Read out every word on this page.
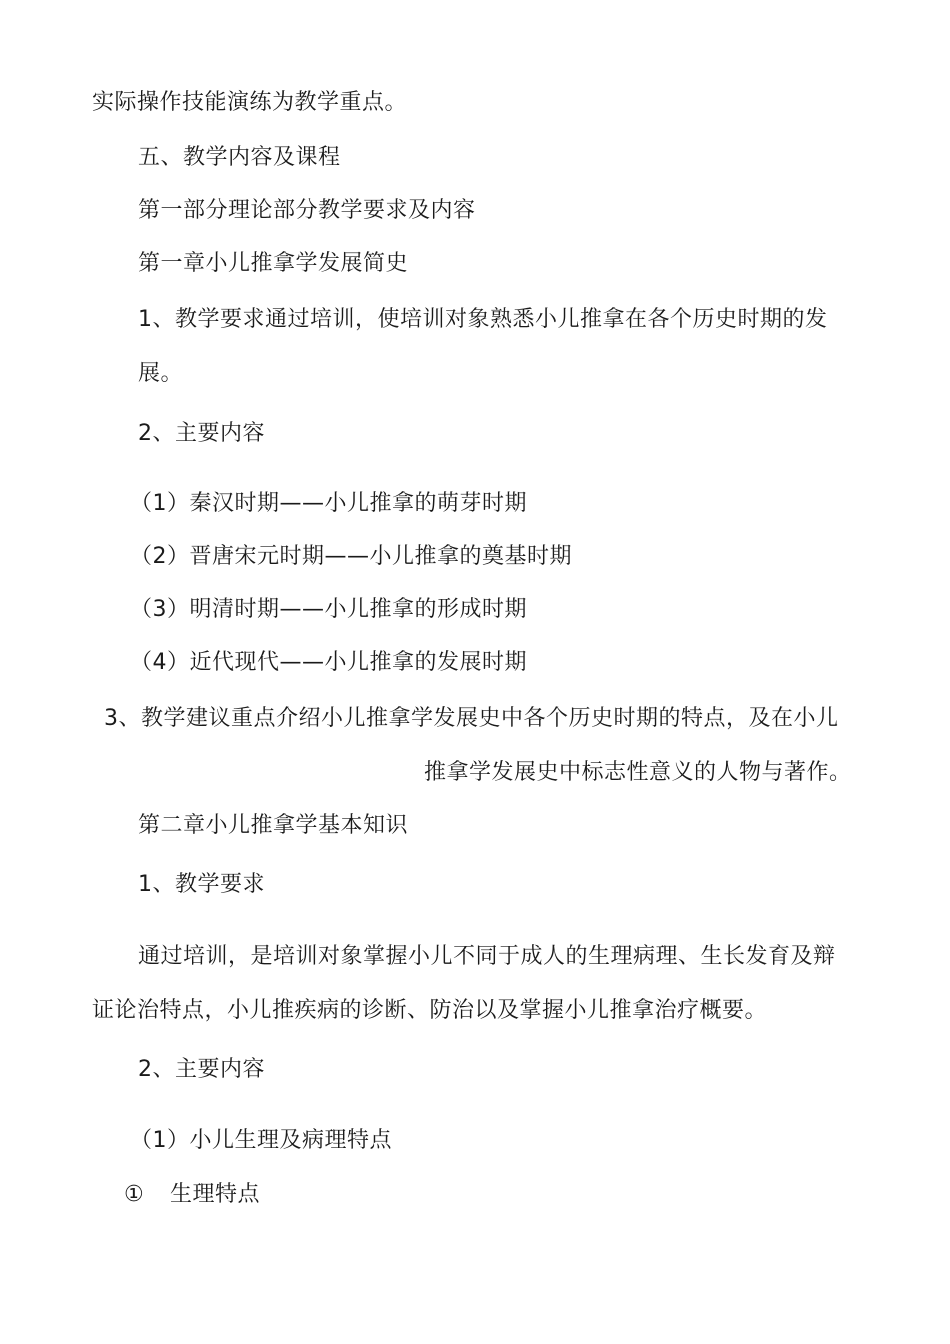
实际操作技能演练为教学重点。
五、教学内容及课程
第一部分理论部分教学要求及内容
第一章小儿推拿学发展简史
1、教学要求通过培训，使培训对象熟悉小儿推拿在各个历史时期的发
展。
2、主要内容
（1）秦汉时期——小儿推拿的萌芽时期
（2）晋唐宋元时期——小儿推拿的奠基时期
（3）明清时期——小儿推拿的形成时期
（4）近代现代——小儿推拿的发展时期
3、教学建议重点介绍小儿推拿学发展史中各个历史时期的特点，及在小儿
推拿学发展史中标志性意义的人物与著作。
第二章小儿推拿学基本知识
1、教学要求
通过培训，是培训对象掌握小儿不同于成人的生理病理、生长发育及辩
证论治特点，小儿推疾病的诊断、防治以及掌握小儿推拿治疗概要。
2、主要内容
（1）小儿生理及病理特点
① 生理特点
